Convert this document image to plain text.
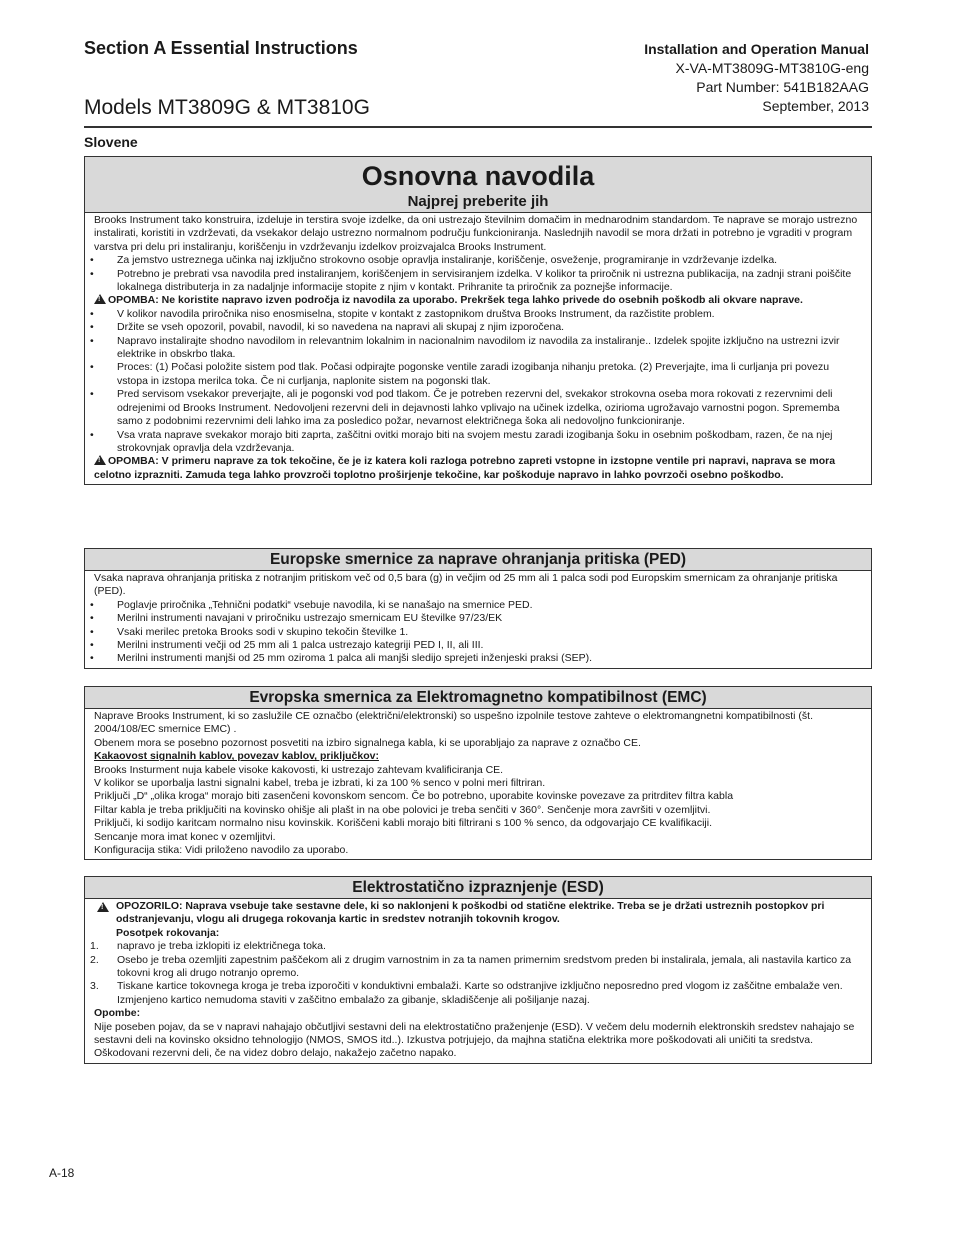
Section A Essential Instructions
Models MT3809G & MT3810G
Installation and Operation Manual
X-VA-MT3809G-MT3810G-eng
Part Number: 541B182AAG
September, 2013
Slovene
Osnovna navodila
Najprej preberite jih
Brooks Instrument tako konstruira, izdeluje in terstira svoje izdelke, da oni ustrezajo številnim domačim in mednarodnim standardom. Te naprave se morajo ustrezno instalirati, koristiti in vzdrževati, da vsekakor delajo ustrezno normalnom području funkcioniranja. Naslednjih navodil se mora držati in potrebno je vgraditi v program varstva pri delu pri instaliranju, koriščenju in vzdrževanju izdelkov proizvajalca Brooks Instrument.
• Za jemstvo ustreznega učinka naj izključno strokovno osobje opravlja instaliranje, koriščenje, osveženje, programiranje in vzdrževanje izdelka.
• Potrebno je prebrati vsa navodila pred instaliranjem, koriščenjem in servisiranjem izdelka. V kolikor ta priročnik ni ustrezna publikacija, na zadnji strani poiščite lokalnega distributerja in za nadaljnje informacije stopite z njim v kontakt. Prihranite ta priročnik za poznejše informacije.
!OPOMBA: Ne koristite napravo izven področja iz navodila za uporabo. Prekršek tega lahko privede do osebnih poškodb ali okvare naprave.
• V kolikor navodila priročnika niso enosmiselna, stopite v kontakt z zastopnikom društva Brooks Instrument, da razčistite problem.
• Držite se vseh opozoril, povabil, navodil, ki so navedena na napravi ali skupaj z njim izporočena.
• Napravo instalirajte shodno navodilom in relevantnim lokalnim in nacionalnim navodilom iz navodila za instaliranje.. Izdelek spojite izključno na ustrezni izvir elektrike in obskrbo tlaka.
• Proces: (1) Počasi položite sistem pod tlak. Počasi odpirajte pogonske ventile zaradi izogibanja nihanju pretoka. (2) Preverjajte, ima li curljanja pri povezu vstopa in izstopa merilca toka. Če ni curljanja, naplonite sistem na pogonski tlak.
• Pred servisom vsekakor preverjajte, ali je pogonski vod pod tlakom. Če je potreben rezervni del, svekakor strokovna oseba mora rokovati z rezervnimi deli odrejenimi od Brooks Instrument. Nedovoljeni rezervni deli in dejavnosti lahko vplivajo na učinek izdelka, ozirioma ugrožavajo varnostni pogon. Sprememba samo z podobnimi rezervnimi deli lahko ima za posledico požar, nevarnost električnega šoka ali nedovoljno funkcioniranje.
• Vsa vrata naprave svekakor morajo biti zaprta, zaščitni ovitki morajo biti na svojem mestu zaradi izogibanja šoku in osebnim poškodbam, razen, če na njej strokovnjak opravlja dela vzdrževanja.
!OPOMBA: V primeru naprave za tok tekočine, če je iz katera koli razloga potrebno zapreti vstopne in izstopne ventile pri napravi, naprava se mora celotno izprazniti. Zamuda tega lahko provzroči toplotno proširjenje tekočine, kar poškoduje napravo in lahko povrzoči osebno poškodbo.
Europske smernice za naprave ohranjanja pritiska (PED)
Vsaka naprava ohranjanja pritiska z notranjim pritiskom več od 0,5 bara (g) in večjim od 25 mm ali 1 palca sodi pod Europskim smernicam za ohranjanje pritiska (PED).
• Poglavje priročnika „Tehnični podatki“ vsebuje navodila, ki se nanašajo na smernice PED.
• Merilni instrumenti navajani v priročniku ustrezajo smernicam EU številke 97/23/EK
• Vsaki merilec pretoka Brooks sodi v skupino tekočin številke 1.
• Merilni instrumenti večji od 25 mm ali 1 palca ustrezajo kategriji PED I, II, ali III.
• Merilni instrumenti manjši od 25 mm oziroma 1 palca ali manjši sledijo sprejeti inženjeski praksi (SEP).
Evropska smernica za Elektromagnetno kompatibilnost (EMC)
Naprave Brooks Instrument, ki so zaslužile CE označbo (električni/elektronski) so uspešno izpolnile testove zahteve o elektromangnetni kompatibilnosti (št. 2004/108/EC smernice EMC) .
Obenem mora se posebno pozornost posvetiti na izbiro signalnega kabla, ki se uporabljajo za naprave z označbo CE.
Kakaovost signalnih kablov, povezav kablov, priključkov:
Brooks Insturment nuja kabele visoke kakovosti, ki ustrezajo zahtevam kvalificiranja CE.
V kolikor se uporbalja lastni signalni kabel, treba je izbrati, ki za 100 % senco v polni meri filtriran.
Priključi „D“ „olika kroga“ morajo biti zasenčeni kovonskom sencom. Če bo potrebno, uporabite kovinske povezave za pritrditev filtra kabla
Filtar kabla je treba priključiti na kovinsko ohišje ali plašt in na obe polovici je treba senčiti v 360°. Senčenje mora završiti v ozemljitvi.
Priključi, ki sodijo karitcam normalno nisu kovinskik. Koriščeni kabli morajo biti filtrirani s 100 % senco, da odgovarjajo CE kvalifikaciji.
Sencanje mora imat konec v ozemljitvi.
Konfiguracija stika: Vidi priloženo navodilo za uporabo.
Elektrostatično izpraznjenje (ESD)
!
OPOZORILO: Naprava vsebuje take sestavne dele, ki so naklonjeni k poškodbi od statične elektrike. Treba se je držati ustreznih postopkov pri odstranjevanju, vlogu ali drugega rokovanja kartic in sredstev notranjih tokovnih krogov.
Posotpek rokovanja:
1. napravo je treba izklopiti iz električnega toka.
2. Osebo je treba ozemljiti zapestnim paščekom ali z drugim varnostnim in za ta namen primernim sredstvom preden bi instalirala, jemala, ali nastavila kartico za tokovni krog ali drugo notranjo opremo.
3. Tiskane kartice tokovnega kroga je treba izporočiti v konduktivni embalaži. Karte so odstranjive izključno neposredno pred vlogom iz zaščitne embalaže ven. Izmjenjeno kartico nemudoma staviti v zaščitno embalažo za gibanje, skladiščenje ali pošiljanje nazaj.
Opombe:
Nije poseben pojav, da se v napravi nahajajo občutljivi sestavni deli na elektrostatično praženjenje (ESD). V večem delu modernih elektronskih sredstev nahajajo se sestavni deli na kovinsko oksidno tehnologijo (NMOS, SMOS itd..). Izkustva potrjujejo, da majhna statična elektrika more poškodovati ali uničiti ta sredstva. Oškodovani rezervni deli, če na videz dobro delajo, nakažejo začetno napako.
A-18
